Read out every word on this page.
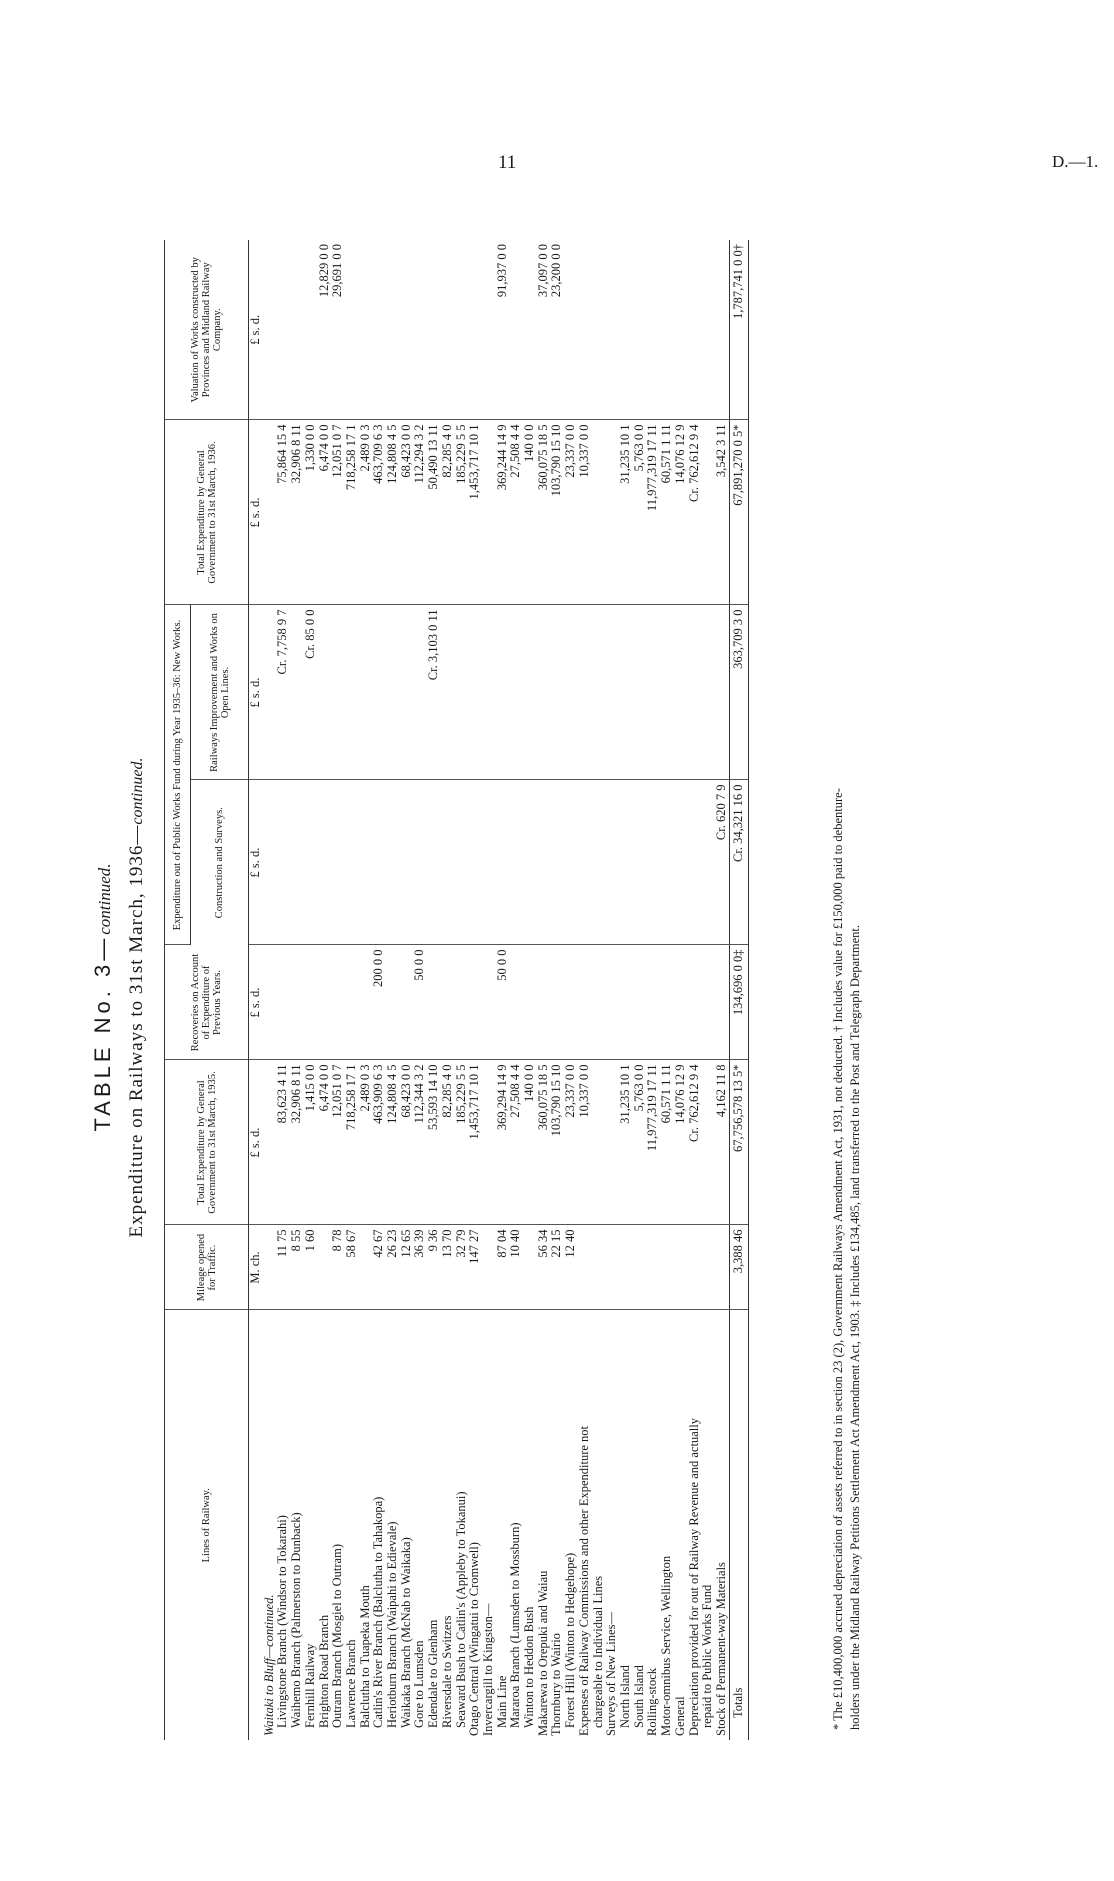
11	D.—1.
TABLE No. 3—continued. Expenditure on Railways to 31st March, 1936—continued.
Lines of Railway.	Mileage opened for Traffic.	Total Expenditure by General Government to 31st March, 1935.	Recoveries on Account of Expenditure of Previous Years.	Expenditure out of Public Works Fund during Year 1935–36: New Works.		Total Expenditure by General Government to 31st March, 1936.	Valuation of Works constructed by Provinces and Midland Railway Company.
				Construction and Surveys.	Railways Improvement and Works on Open Lines.		
	M. ch.	£ s. d.	£ s. d.	£ s. d.	£ s. d.	£ s. d.	£ s. d.
Waitaki to Bluff—continued.							
Livingstone Branch (Windsor to Tokarahi)	11 75	83,623 4 11			Cr. 7,758 9 7	75,864 15 4	
Waihemo Branch (Palmerston to Dunback)	8 55	32,906 8 11				32,906 8 11	
Fernhill Railway	1 60	1,415 0 0			Cr. 85 0 0	1,330 0 0	
Brighton Road Branch		6,474 0 0				6,474 0 0	12,829 0 0
Outram Branch (Mosgiel to Outram)	8 78	12,051 0 7				12,051 0 7	29,691 0 0
Lawrence Branch	58 67	718,258 17 1				718,258 17 1	
Balclutha to Tuapeka Mouth		2,489 0 3				2,489 0 3	
Catlin's River Branch (Balclutha to Tahakopa)	42 67	463,909 6 3	200 0 0			463,709 6 3	
Heriotburn Branch (Waipahi to Edievale)	26 23	124,808 4 5				124,808 4 5	
Waikaka Branch (McNab to Waikaka)	12 65	68,423 0 0				68,423 0 0	
Gore to Lumsden	36 39	112,344 3 2	50 0 0			112,294 3 2	
Edendale to Glenham	9 36	53,593 14 10			Cr. 3,103 0 11	50,490 13 11	
Riversdale to Switzers	13 70	82,285 4 0				82,285 4 0	
Seaward Bush to Catlin's (Appleby to Tokanui)	32 79	185,229 5 5				185,229 5 5	
Otago Central (Wingatui to Cromwell)	147 27	1,453,717 10 1				1,453,717 10 1	
Invercargill to Kingston—							
Main Line	87 04	369,294 14 9	50 0 0			369,244 14 9	91,937 0 0
Mararoa Branch (Lumsden to Mossburn)	10 40	27,508 4 4				27,508 4 4	
Winton to Heddon Bush		140 0 0				140 0 0	
Makarewa to Orepuki and Waiau	56 34	360,075 18 5				360,075 18 5	37,097 0 0
Thornbury to Wairio	22 15	103,790 15 10				103,790 15 10	23,200 0 0
Forest Hill (Winton to Hedgehope)	12 40	23,337 0 0				23,337 0 0	
Expenses of Railway Commissions and other Expenditure not		10,337 0 0				10,337 0 0	
chargeable to Individual Lines							
Surveys of New Lines—							
North Island		31,235 10 1				31,235 10 1	
South Island		5,763 0 0				5,763 0 0	
Rolling-stock		11,977,319 17 11				11,977,319 17 11	
Motor-omnibus Service, Wellington		60,571 1 11				60,571 1 11	
General		14,076 12 9				14,076 12 9	
Depreciation provided for out of Railway Revenue and actually		Cr. 762,612 9 4				Cr. 762,612 9 4	
repaid to Public Works Fund							
Stock of Permanent-way Materials		4,162 11 8		Cr. 620 7 9		3,542 3 11	
Totals	3,388 46	67,756,578 13 5*	134,696 0 0‡	Cr. 34,321 16 0	363,709 3 0	67,891,270 0 5*	1,787,741 0 0†
* The £10,400,000 accrued depreciation of assets referred to in section 23 (2), Government Railways Amendment Act, 1931, not deducted. † Includes value for £150,000 paid to debenture- holders under the Midland Railway Petitions Settlement Act Amendment Act, 1903. ‡ Includes £134,485, land transferred to the Post and Telegraph Department.
